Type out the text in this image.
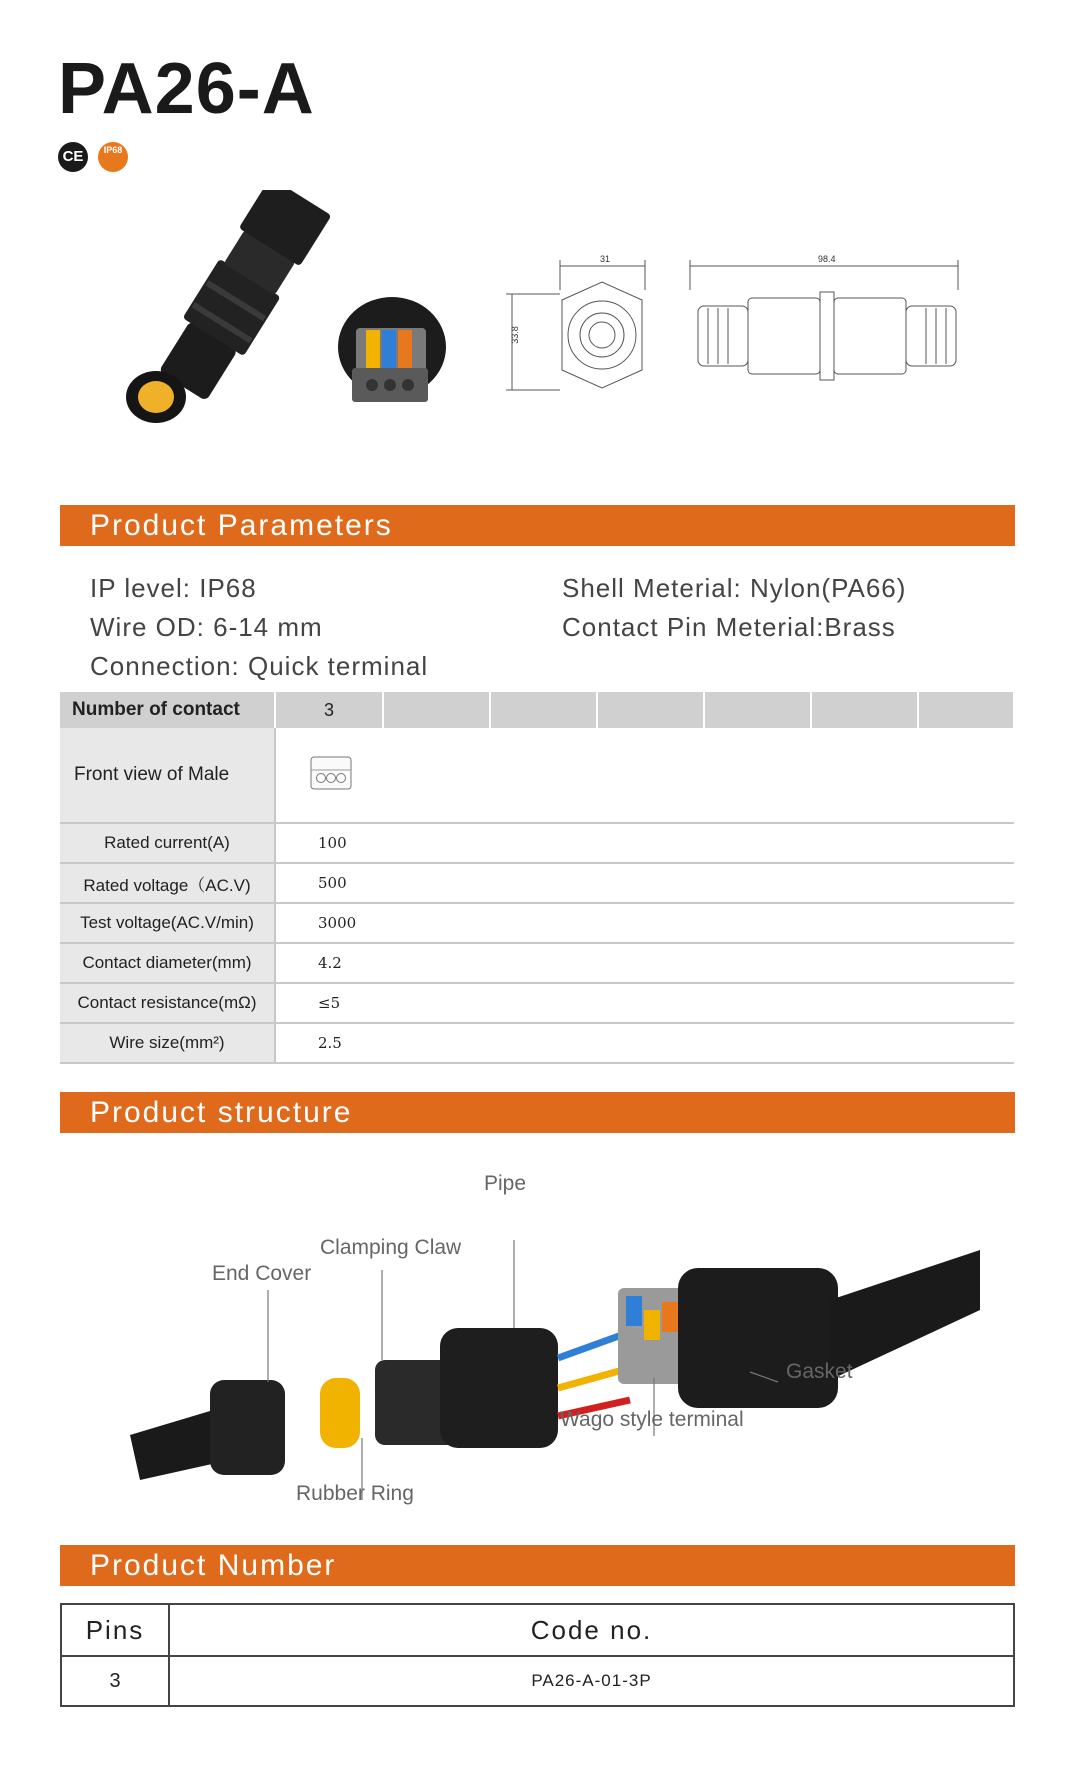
PA26-A
CE	IP68
31
33.8
98.4
Product Parameters
IP level: IP68
Wire OD: 6-14 mm
Connection: Quick terminal
Shell Meterial: Nylon(PA66)
Contact Pin Meterial:Brass
Number of contact	3						
Front view of Male	
Rated current(A)	100						
Rated voltage（AC.V)	500						
Test voltage(AC.V/min)	3000						
Contact diameter(mm)	4.2						
Contact resistance(mΩ)	≤5						
Wire size(mm²)	2.5						
Product structure
Pipe
Clamping Claw
End Cover
Gasket
Wago style terminal
Rubber Ring
Product Number
Pins	Code no.
3	PA26-A-01-3P
